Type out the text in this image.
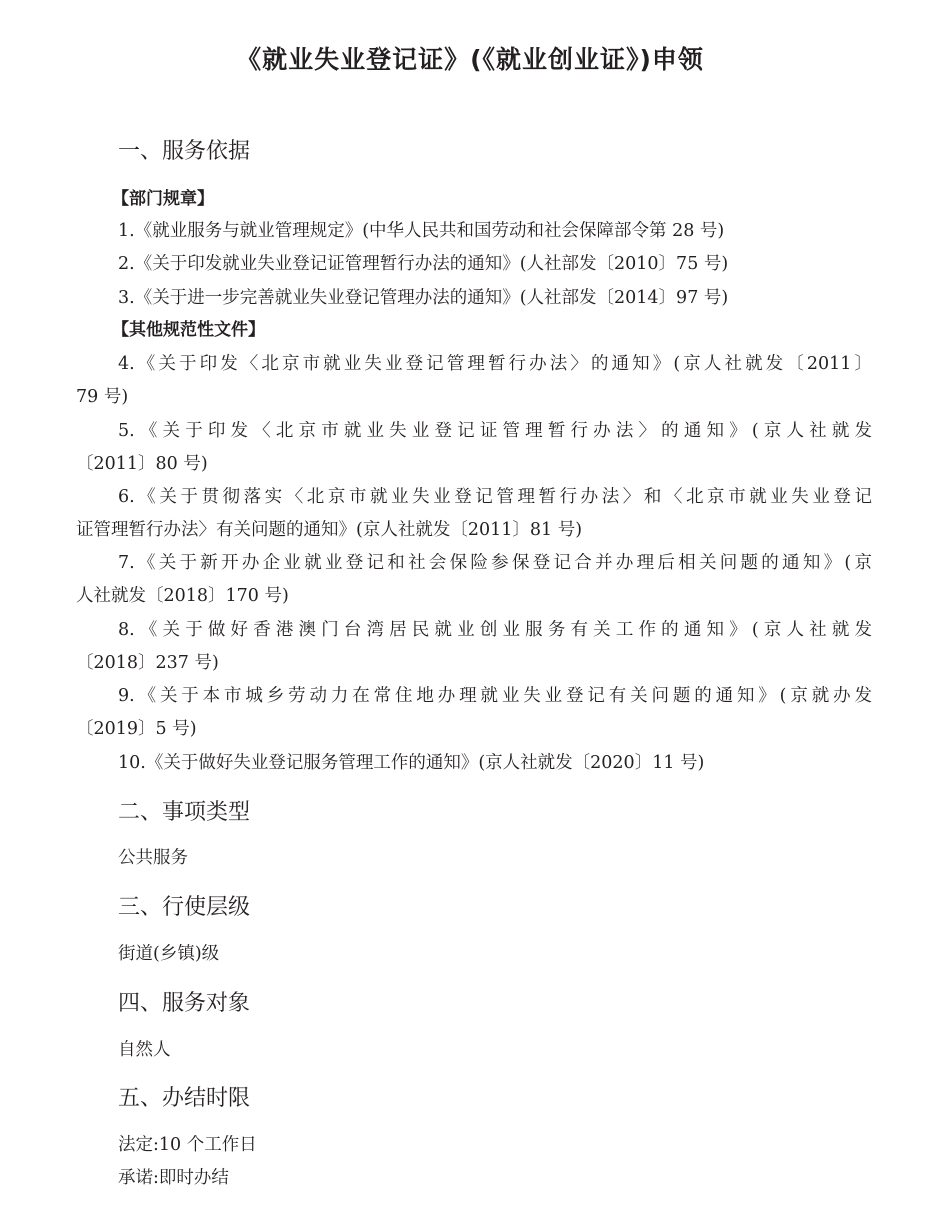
《就业失业登记证》(《就业创业证》)申领
一、服务依据
【部门规章】
1.《就业服务与就业管理规定》(中华人民共和国劳动和社会保障部令第 28 号)
2.《关于印发就业失业登记证管理暂行办法的通知》(人社部发〔2010〕75 号)
3.《关于进一步完善就业失业登记管理办法的通知》(人社部发〔2014〕97 号)
【其他规范性文件】
4.《关于印发〈北京市就业失业登记管理暂行办法〉的通知》(京人社就发〔2011〕
79 号)
5.《关于印发〈北京市就业失业登记证管理暂行办法〉的通知》(京人社就发
〔2011〕80 号)
6.《关于贯彻落实〈北京市就业失业登记管理暂行办法〉和〈北京市就业失业登记
证管理暂行办法〉有关问题的通知》(京人社就发〔2011〕81 号)
7.《关于新开办企业就业登记和社会保险参保登记合并办理后相关问题的通知》(京
人社就发〔2018〕170 号)
8.《关于做好香港澳门台湾居民就业创业服务有关工作的通知》(京人社就发
〔2018〕237 号)
9.《关于本市城乡劳动力在常住地办理就业失业登记有关问题的通知》(京就办发
〔2019〕5 号)
10.《关于做好失业登记服务管理工作的通知》(京人社就发〔2020〕11 号)
二、事项类型
公共服务
三、行使层级
街道(乡镇)级
四、服务对象
自然人
五、办结时限
法定:10 个工作日
承诺:即时办结
